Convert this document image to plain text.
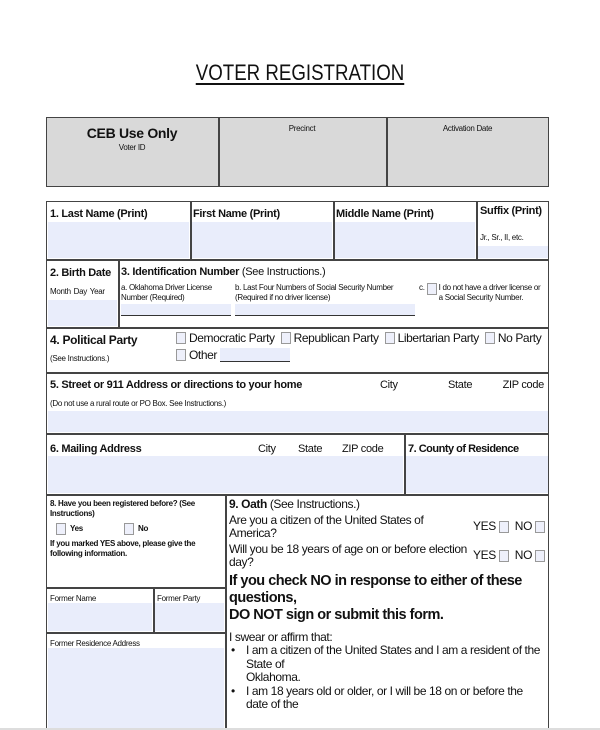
VOTER REGISTRATION
CEB Use Only
Voter ID
Precinct	Activation Date
1. Last Name (Print)	First Name (Print)	Middle Name (Print)	Suffix (Print)
Jr., Sr., II, etc.
2. Birth Date
Month Day Year
3. Identification Number (See Instructions.)
a. Oklahoma Driver License Number (Required)
b. Last Four Numbers of Social Security Number (Required if no driver license)
c. I do not have a driver license or a Social Security Number.
4. Political Party
(See Instructions.)
Democratic Party Republican Party Libertarian Party No Party
Other
5. Street or 911 Address or directions to your home
(Do not use a rural route or PO Box. See Instructions.)
City	State	ZIP code
6. Mailing Address	City State ZIP code 7. County of Residence
8. Have you been registered before? (See Instructions)
Yes	No
If you marked YES above, please give the following information.
Former Name	Former Party
Former Residence Address
9. Oath (See Instructions.)
Are you a citizen of the United States of America?	YES NO
Will you be 18 years of age on or before election day?	YES NO
If you check NO in response to either of these questions,
DO NOT sign or submit this form.
I swear or affirm that:
• I am a citizen of the United States and I am a resident of the State of
Oklahoma.
• I am 18 years old or older, or I will be 18 on or before the date of the
